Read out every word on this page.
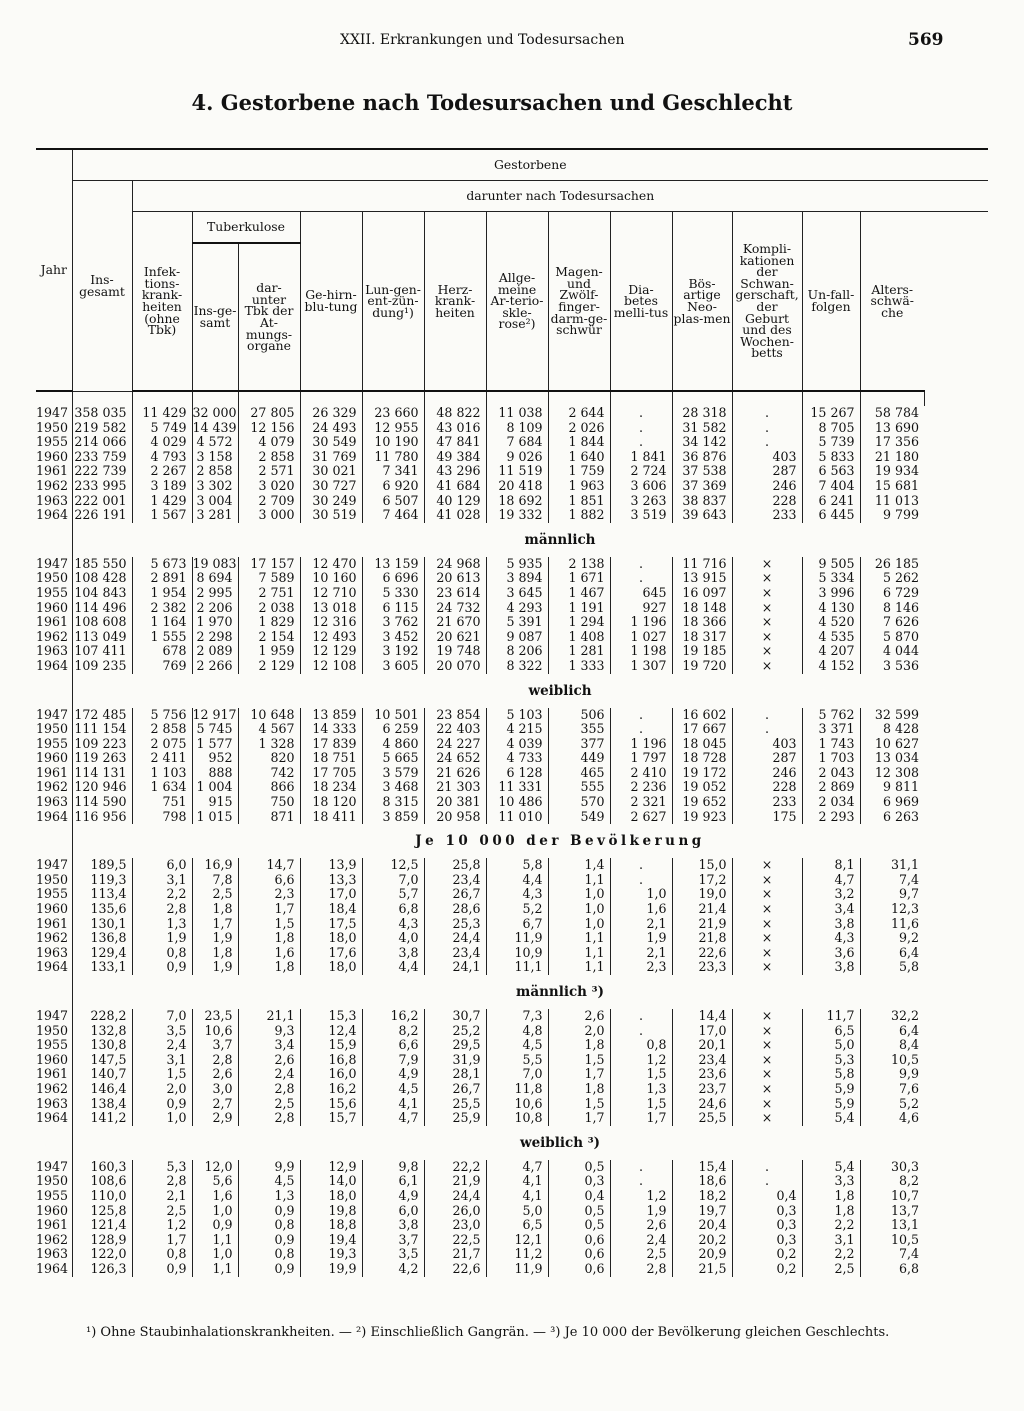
XXII. Erkrankungen und Todesursachen	569
4. Gestorbene nach Todesursachen und Geschlecht
Jahr	Gestorbene														
	Ins-gesamt	darunter nach Todesursachen													
		Infek-tions-krank-heiten (ohne Tbk)	Tuberkulose		Ge-hirn-blu-tung	Lun-gen-ent-zün-dung¹)	Herz-krank-heiten	Allge-meine Ar-terio-skle-rose²)	Magen-und Zwölf-finger-darm-ge-schwür	Dia-betes melli-tus	Bös-artige Neo-plas-men	Kompli-kationen der Schwan-gerschaft, der Geburt und des Wochen-betts	Un-fall-folgen	Alters-schwä-che	
			Ins-ge-samt	dar-unter Tbk der At-mungs-organe											

1947	358 035	11 429	32 000	27 805	26 329	23 660	48 822	11 038	2 644	.	28 318	.	15 267	58 784	
1950	219 582	5 749	14 439	12 156	24 493	12 955	43 016	8 109	2 026	.	31 582	.	8 705	13 690	
1955	214 066	4 029	4 572	4 079	30 549	10 190	47 841	7 684	1 844	.	34 142	.	5 739	17 356	
1960	233 759	4 793	3 158	2 858	31 769	11 780	49 384	9 026	1 640	1 841	36 876	403	5 833	21 180	
1961	222 739	2 267	2 858	2 571	30 021	7 341	43 296	11 519	1 759	2 724	37 538	287	6 563	19 934	
1962	233 995	3 189	3 302	3 020	30 727	6 920	41 684	20 418	1 963	3 606	37 369	246	7 404	15 681	
1963	222 001	1 429	3 004	2 709	30 249	6 507	40 129	18 692	1 851	3 263	38 837	228	6 241	11 013	
1964	226 191	1 567	3 281	3 000	30 519	7 464	41 028	19 332	1 882	3 519	39 643	233	6 445	9 799	
		männlich													
1947	185 550	5 673	19 083	17 157	12 470	13 159	24 968	5 935	2 138	.	11 716	×	9 505	26 185	
1950	108 428	2 891	8 694	7 589	10 160	6 696	20 613	3 894	1 671	.	13 915	×	5 334	5 262	
1955	104 843	1 954	2 995	2 751	12 710	5 330	23 614	3 645	1 467	645	16 097	×	3 996	6 729	
1960	114 496	2 382	2 206	2 038	13 018	6 115	24 732	4 293	1 191	927	18 148	×	4 130	8 146	
1961	108 608	1 164	1 970	1 829	12 316	3 762	21 670	5 391	1 294	1 196	18 366	×	4 520	7 626	
1962	113 049	1 555	2 298	2 154	12 493	3 452	20 621	9 087	1 408	1 027	18 317	×	4 535	5 870	
1963	107 411	678	2 089	1 959	12 129	3 192	19 748	8 206	1 281	1 198	19 185	×	4 207	4 044	
1964	109 235	769	2 266	2 129	12 108	3 605	20 070	8 322	1 333	1 307	19 720	×	4 152	3 536	
		weiblich													
1947	172 485	5 756	12 917	10 648	13 859	10 501	23 854	5 103	506	.	16 602	.	5 762	32 599	
1950	111 154	2 858	5 745	4 567	14 333	6 259	22 403	4 215	355	.	17 667	.	3 371	8 428	
1955	109 223	2 075	1 577	1 328	17 839	4 860	24 227	4 039	377	1 196	18 045	403	1 743	10 627	
1960	119 263	2 411	952	820	18 751	5 665	24 652	4 733	449	1 797	18 728	287	1 703	13 034	
1961	114 131	1 103	888	742	17 705	3 579	21 626	6 128	465	2 410	19 172	246	2 043	12 308	
1962	120 946	1 634	1 004	866	18 234	3 468	21 303	11 331	555	2 236	19 052	228	2 869	9 811	
1963	114 590	751	915	750	18 120	8 315	20 381	10 486	570	2 321	19 652	233	2 034	6 969	
1964	116 956	798	1 015	871	18 411	3 859	20 958	11 010	549	2 627	19 923	175	2 293	6 263	
		Je 10 000 der Bevölkerung													
1947	189,5	6,0	16,9	14,7	13,9	12,5	25,8	5,8	1,4	.	15,0	×	8,1	31,1	
1950	119,3	3,1	7,8	6,6	13,3	7,0	23,4	4,4	1,1	.	17,2	×	4,7	7,4	
1955	113,4	2,2	2,5	2,3	17,0	5,7	26,7	4,3	1,0	1,0	19,0	×	3,2	9,7	
1960	135,6	2,8	1,8	1,7	18,4	6,8	28,6	5,2	1,0	1,6	21,4	×	3,4	12,3	
1961	130,1	1,3	1,7	1,5	17,5	4,3	25,3	6,7	1,0	2,1	21,9	×	3,8	11,6	
1962	136,8	1,9	1,9	1,8	18,0	4,0	24,4	11,9	1,1	1,9	21,8	×	4,3	9,2	
1963	129,4	0,8	1,8	1,6	17,6	3,8	23,4	10,9	1,1	2,1	22,6	×	3,6	6,4	
1964	133,1	0,9	1,9	1,8	18,0	4,4	24,1	11,1	1,1	2,3	23,3	×	3,8	5,8	
		männlich ³)													
1947	228,2	7,0	23,5	21,1	15,3	16,2	30,7	7,3	2,6	.	14,4	×	11,7	32,2	
1950	132,8	3,5	10,6	9,3	12,4	8,2	25,2	4,8	2,0	.	17,0	×	6,5	6,4	
1955	130,8	2,4	3,7	3,4	15,9	6,6	29,5	4,5	1,8	0,8	20,1	×	5,0	8,4	
1960	147,5	3,1	2,8	2,6	16,8	7,9	31,9	5,5	1,5	1,2	23,4	×	5,3	10,5	
1961	140,7	1,5	2,6	2,4	16,0	4,9	28,1	7,0	1,7	1,5	23,6	×	5,8	9,9	
1962	146,4	2,0	3,0	2,8	16,2	4,5	26,7	11,8	1,8	1,3	23,7	×	5,9	7,6	
1963	138,4	0,9	2,7	2,5	15,6	4,1	25,5	10,6	1,5	1,5	24,6	×	5,9	5,2	
1964	141,2	1,0	2,9	2,8	15,7	4,7	25,9	10,8	1,7	1,7	25,5	×	5,4	4,6	
		weiblich ³)													
1947	160,3	5,3	12,0	9,9	12,9	9,8	22,2	4,7	0,5	.	15,4	.	5,4	30,3	
1950	108,6	2,8	5,6	4,5	14,0	6,1	21,9	4,1	0,3	.	18,6	.	3,3	8,2	
1955	110,0	2,1	1,6	1,3	18,0	4,9	24,4	4,1	0,4	1,2	18,2	0,4	1,8	10,7	
1960	125,8	2,5	1,0	0,9	19,8	6,0	26,0	5,0	0,5	1,9	19,7	0,3	1,8	13,7	
1961	121,4	1,2	0,9	0,8	18,8	3,8	23,0	6,5	0,5	2,6	20,4	0,3	2,2	13,1	
1962	128,9	1,7	1,1	0,9	19,4	3,7	22,5	12,1	0,6	2,4	20,2	0,3	3,1	10,5	
1963	122,0	0,8	1,0	0,8	19,3	3,5	21,7	11,2	0,6	2,5	20,9	0,2	2,2	7,4	
1964	126,3	0,9	1,1	0,9	19,9	4,2	22,6	11,9	0,6	2,8	21,5	0,2	2,5	6,8	
¹) Ohne Staubinhalationskrankheiten. — ²) Einschließlich Gangrän. — ³) Je 10 000 der Bevölkerung gleichen Geschlechts.
